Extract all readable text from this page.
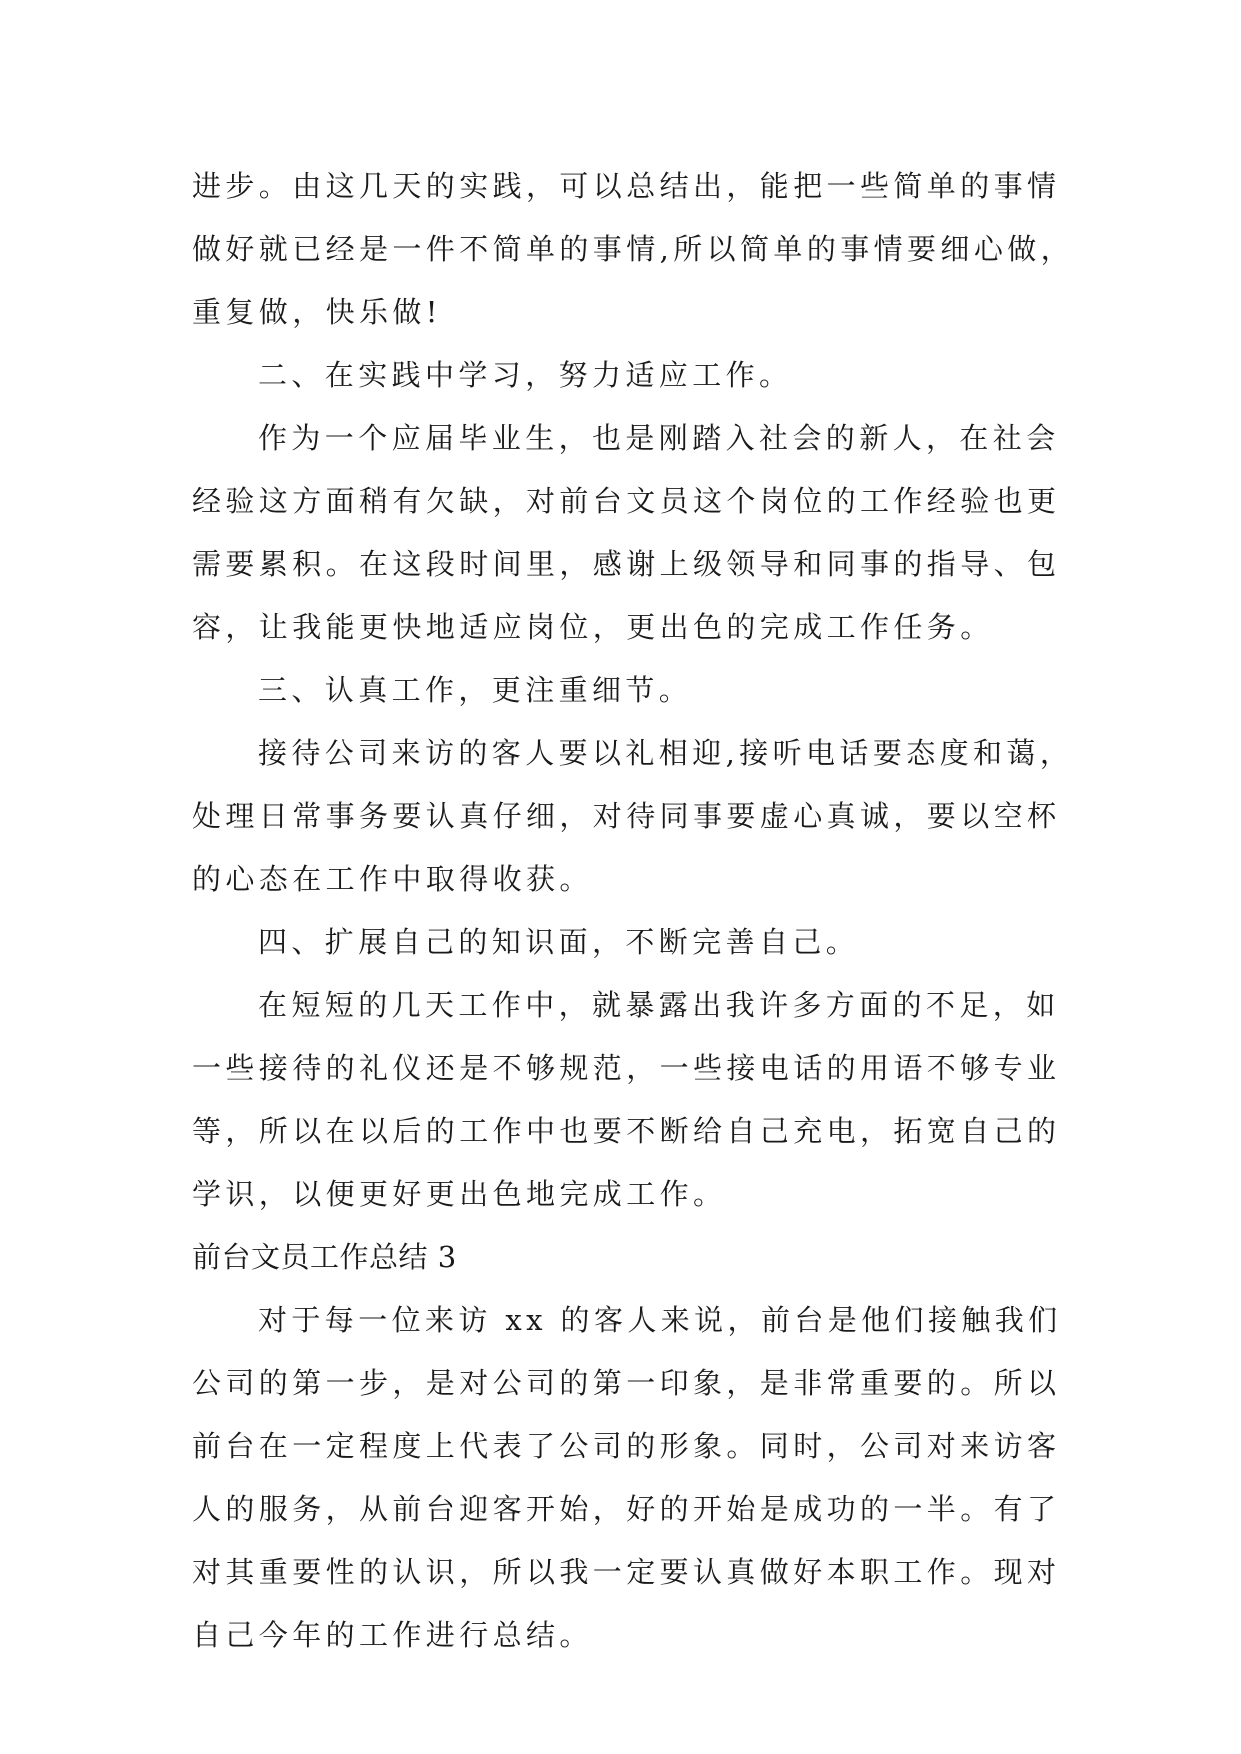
进步。由这几天的实践，可以总结出，能把一些简单的事情
做好就已经是一件不简单的事情,所以简单的事情要细心做，
重复做，快乐做!
二、在实践中学习，努力适应工作。
作为一个应届毕业生，也是刚踏入社会的新人，在社会
经验这方面稍有欠缺，对前台文员这个岗位的工作经验也更
需要累积。在这段时间里，感谢上级领导和同事的指导、包
容，让我能更快地适应岗位，更出色的完成工作任务。
三、认真工作，更注重细节。
接待公司来访的客人要以礼相迎,接听电话要态度和蔼，
处理日常事务要认真仔细，对待同事要虚心真诚，要以空杯
的心态在工作中取得收获。
四、扩展自己的知识面，不断完善自己。
在短短的几天工作中，就暴露出我许多方面的不足，如
一些接待的礼仪还是不够规范，一些接电话的用语不够专业
等，所以在以后的工作中也要不断给自己充电，拓宽自己的
学识，以便更好更出色地完成工作。
前台文员工作总结 3
对于每一位来访 xx 的客人来说，前台是他们接触我们
公司的第一步，是对公司的第一印象，是非常重要的。所以
前台在一定程度上代表了公司的形象。同时，公司对来访客
人的服务，从前台迎客开始，好的开始是成功的一半。有了
对其重要性的认识，所以我一定要认真做好本职工作。现对
自己今年的工作进行总结。
